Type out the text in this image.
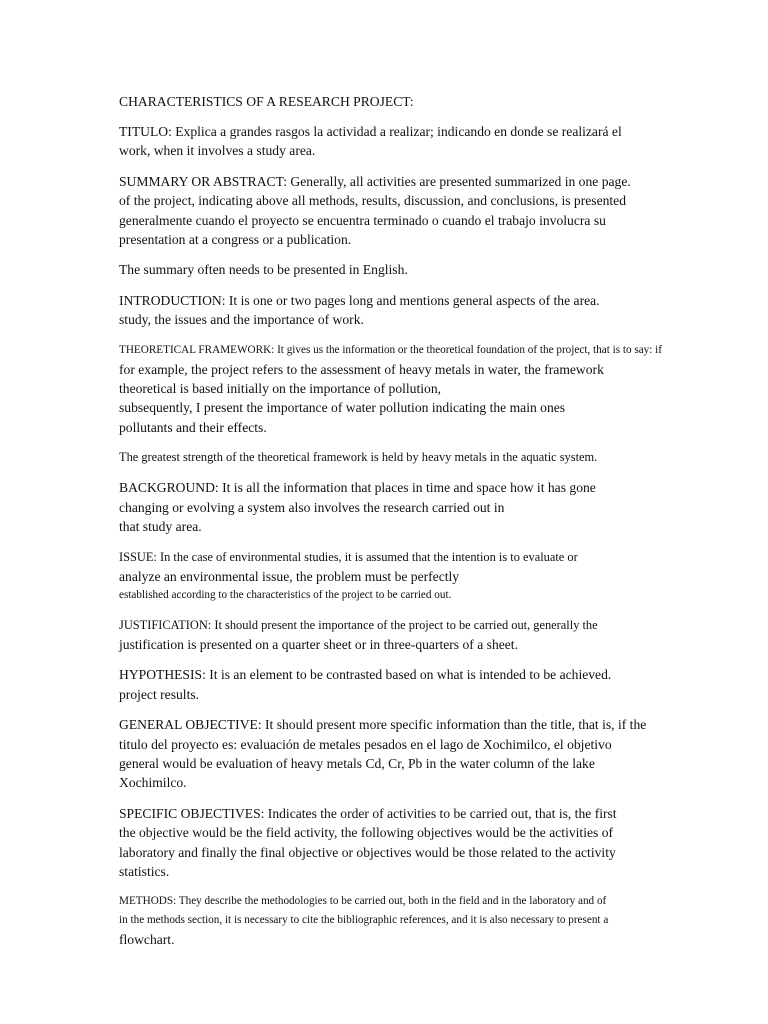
CHARACTERISTICS OF A RESEARCH PROJECT:
TITULO: Explica a grandes rasgos la actividad a realizar; indicando en donde se realizará el
work, when it involves a study area.
SUMMARY OR ABSTRACT: Generally, all activities are presented summarized in one page.
of the project, indicating above all methods, results, discussion, and conclusions, is presented
generalmente cuando el proyecto se encuentra terminado o cuando el trabajo involucra su
presentation at a congress or a publication.
The summary often needs to be presented in English.
INTRODUCTION: It is one or two pages long and mentions general aspects of the area.
study, the issues and the importance of work.
THEORETICAL FRAMEWORK: It gives us the information or the theoretical foundation of the project, that is to say: if
for example, the project refers to the assessment of heavy metals in water, the framework
theoretical is based initially on the importance of pollution,
subsequently, I present the importance of water pollution indicating the main ones
pollutants and their effects.
The greatest strength of the theoretical framework is held by heavy metals in the aquatic system.
BACKGROUND: It is all the information that places in time and space how it has gone
changing or evolving a system also involves the research carried out in
that study area.
ISSUE: In the case of environmental studies, it is assumed that the intention is to evaluate or
analyze an environmental issue, the problem must be perfectly
established according to the characteristics of the project to be carried out.
JUSTIFICATION: It should present the importance of the project to be carried out, generally the
justification is presented on a quarter sheet or in three-quarters of a sheet.
HYPOTHESIS: It is an element to be contrasted based on what is intended to be achieved.
project results.
GENERAL OBJECTIVE: It should present more specific information than the title, that is, if the
titulo del proyecto es: evaluación de metales pesados en el lago de Xochimilco, el objetivo
general would be evaluation of heavy metals Cd, Cr, Pb in the water column of the lake
Xochimilco.
SPECIFIC OBJECTIVES: Indicates the order of activities to be carried out, that is, the first
the objective would be the field activity, the following objectives would be the activities of
laboratory and finally the final objective or objectives would be those related to the activity
statistics.
METHODS: They describe the methodologies to be carried out, both in the field and in the laboratory and of
in the methods section, it is necessary to cite the bibliographic references, and it is also necessary to present a
flowchart.
